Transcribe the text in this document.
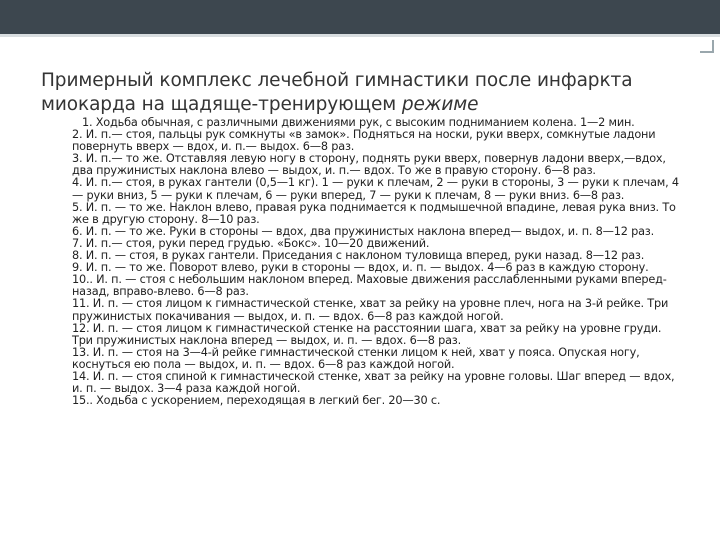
Примерный комплекс лечебной гимнастики после инфаркта миокарда на щадяще-тренирующем режиме

1. Ходьба обычная, с различными движениями рук, с высоким подниманием колена. 1—2 мин.

2. И. п.— стоя, пальцы рук сомкнуты «в замок». Подняться на носки, руки вверх, сомкнутые ладони повернуть вверх — вдох, и. п.— выдох. 6—8 раз.

3. И. п.— то же. Отставляя левую ногу в сторону, поднять руки вверх, повернув ладони вверх,—вдох, два пружинистых наклона влево — выдох, и. п.— вдох. То же в правую сторону. 6—8 раз.

4. И. п.— стоя, в руках гантели (0,5—1 кг). 1 — руки к плечам, 2 — руки в стороны, 3 — руки к плечам, 4 — руки вниз, 5 — руки к плечам, 6 — руки вперед, 7 — руки к плечам, 8 — руки вниз. 6—8 раз.

5. И. п. — то же. Наклон влево, правая рука поднимается к подмышечной впадине, левая рука вниз. То же в другую сторону. 8—10 раз.

6. И. п. — то же. Руки в стороны — вдох, два пружинистых наклона вперед— выдох, и. п. 8—12 раз.

7. И. п.— стоя, руки перед грудью. «Бокс». 10—20 движений.

8. И. п. — стоя, в руках гантели. Приседания с наклоном туловища вперед, руки назад. 8—12 раз.

9. И. п. — то же. Поворот влево, руки в стороны — вдох, и. п. — выдох. 4—6 раз в каждую сторону.

10.. И. п. — стоя с небольшим наклоном вперед. Маховые движения расслабленными руками вперед-назад, вправо-влево. 6—8 раз.

11. И. п. — стоя лицом к гимнастической стенке, хват за рейку на уровне плеч, нога на 3-й рейке. Три пружинистых покачивания — выдох, и. п. — вдох. 6—8 раз каждой ногой.

12. И. п. — стоя лицом к гимнастической стенке на расстоянии шага, хват за рейку на уровне груди. Три пружинистых наклона вперед — выдох, и. п. — вдох. 6—8 раз.

13. И. п. — стоя на 3—4-й рейке гимнастической стенки лицом к ней, хват у пояса. Опуская ногу, коснуться ею пола — выдох, и. п. — вдох. 6—8 раз каждой ногой.

14. И. п. — стоя спиной к гимнастической стенке, хват за рейку на уровне головы. Шаг вперед — вдох, и. п. — выдох. 3—4 раза каждой ногой.

15.. Ходьба с ускорением, переходящая в легкий бег. 20—30 с.
